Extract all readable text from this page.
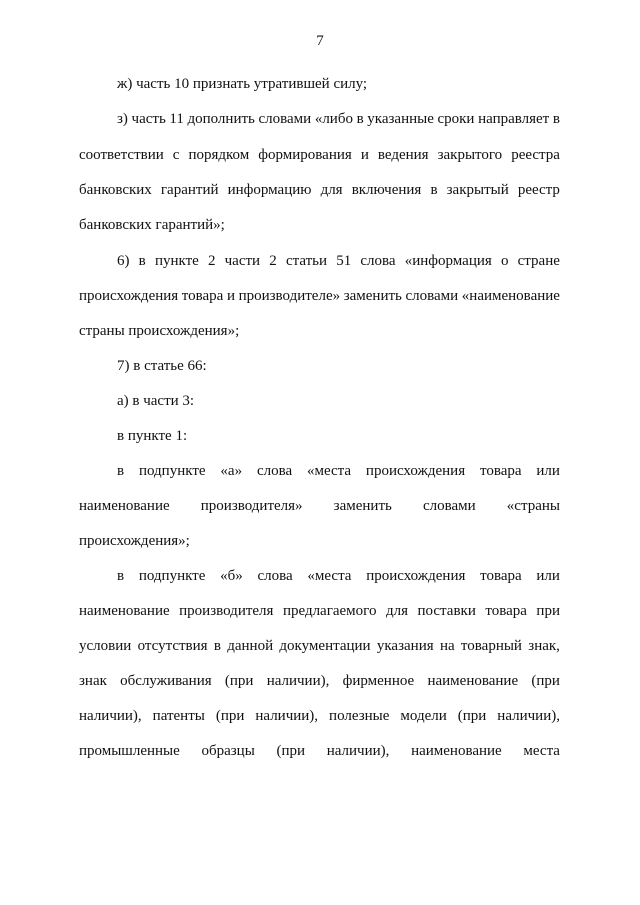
7
ж) часть 10 признать утратившей силу;
з) часть 11 дополнить словами «либо в указанные сроки направляет в
соответствии с порядком формирования и ведения закрытого реестра
банковских гарантий информацию для включения в закрытый реестр
банковских гарантий»;
6) в пункте 2 части 2 статьи 51 слова «информация о стране
происхождения товара и производителе» заменить словами «наименование
страны происхождения»;
7) в статье 66:
а) в части 3:
в пункте 1:
в подпункте «а» слова «места происхождения товара или
наименование производителя» заменить словами «страны
происхождения»;
в подпункте «б» слова «места происхождения товара или
наименование производителя предлагаемого для поставки товара при
условии отсутствия в данной документации указания на товарный знак,
знак обслуживания (при наличии), фирменное наименование (при
наличии), патенты (при наличии), полезные модели (при наличии),
промышленные образцы (при наличии), наименование места
